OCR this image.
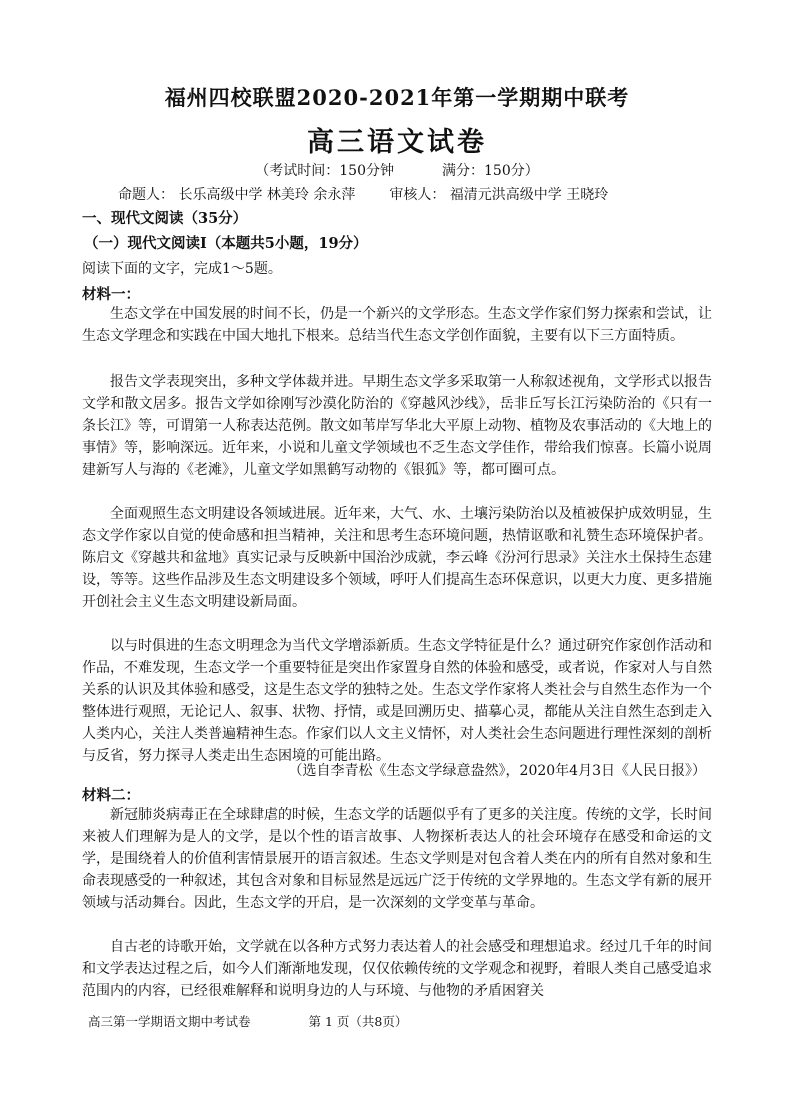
福州四校联盟2020-2021年第一学期期中联考
高三语文试卷
（考试时间：150分钟	满分：150分）
命题人： 长乐高级中学 林美玲 余永萍 审核人： 福清元洪高级中学 王晓玲
一、现代文阅读（35分）
（一）现代文阅读Ⅰ（本题共5小题，19分）
阅读下面的文字，完成1～5题。
材料一：

生态文学在中国发展的时间不长，仍是一个新兴的文学形态。生态文学作家们努力探索和尝试，让生态文学理念和实践在中国大地扎下根来。总结当代生态文学创作面貌，主要有以下三方面特质。

报告文学表现突出，多种文学体裁并进。早期生态文学多采取第一人称叙述视角，文学形式以报告文学和散文居多。报告文学如徐刚写沙漠化防治的《穿越风沙线》，岳非丘写长江污染防治的《只有一条长江》等，可谓第一人称表达范例。散文如苇岸写华北大平原上动物、植物及农事活动的《大地上的事情》等，影响深远。近年来，小说和儿童文学领域也不乏生态文学佳作，带给我们惊喜。长篇小说周建新写人与海的《老滩》，儿童文学如黑鹤写动物的《银狐》等，都可圈可点。

全面观照生态文明建设各领域进展。近年来，大气、水、土壤污染防治以及植被保护成效明显，生态文学作家以自觉的使命感和担当精神，关注和思考生态环境问题，热情讴歌和礼赞生态环境保护者。陈启文《穿越共和盆地》真实记录与反映新中国治沙成就，李云峰《汾河行思录》关注水土保持生态建设，等等。这些作品涉及生态文明建设多个领域，呼吁人们提高生态环保意识，以更大力度、更多措施开创社会主义生态文明建设新局面。

以与时俱进的生态文明理念为当代文学增添新质。生态文学特征是什么？通过研究作家创作活动和作品，不难发现，生态文学一个重要特征是突出作家置身自然的体验和感受，或者说，作家对人与自然关系的认识及其体验和感受，这是生态文学的独特之处。生态文学作家将人类社会与自然生态作为一个整体进行观照，无论记人、叙事、状物、抒情，或是回溯历史、描摹心灵，都能从关注自然生态到走入人类内心，关注人类普遍精神生态。作家们以人文主义情怀，对人类社会生态问题进行理性深刻的剖析与反省，努力探寻人类走出生态困境的可能出路。

（选自李青松《生态文学绿意盎然》，2020年4月3日《人民日报》）
材料二：

新冠肺炎病毒正在全球肆虐的时候，生态文学的话题似乎有了更多的关注度。传统的文学，长时间来被人们理解为是人的文学，是以个性的语言故事、人物探析表达人的社会环境存在感受和命运的文学，是围绕着人的价值利害情景展开的语言叙述。生态文学则是对包含着人类在内的所有自然对象和生命表现感受的一种叙述，其包含对象和目标显然是远远广泛于传统的文学界地的。生态文学有新的展开领域与活动舞台。因此，生态文学的开启，是一次深刻的文学变革与革命。

自古老的诗歌开始，文学就在以各种方式努力表达着人的社会感受和理想追求。经过几千年的时间和文学表达过程之后，如今人们渐渐地发现，仅仅依赖传统的文学观念和视野，着眼人类自己感受追求范围内的内容，已经很难解释和说明身边的人与环境、与他物的矛盾困窘关

高三第一学期语文期中考试卷	第 1 页（共8页）
